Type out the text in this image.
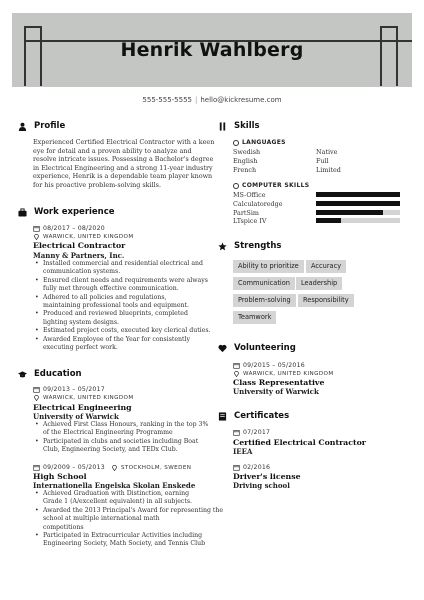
Henrik Wahlberg
555-555-5555 | hello@kickresume.com
Profile
Experienced Certified Electrical Contractor with a keen
eye for detail and a proven ability to analyze and
resolve intricate issues. Possessing a Bachelor's degree
in Electrical Engineering and a strong 11-year industry
experience, Henrik is a dependable team player known
for his proactive problem-solving skills.
Work experience
08/2017 – 08/2020
WARWICK, UNITED KINGDOM
Electrical Contractor
Manny & Partners, Inc.
• Installed commercial and residential electrical and
communication systems.
• Ensured client needs and requirements were always
fully met through effective communication.
• Adhered to all policies and regulations,
maintaining professional tools and equipment.
• Produced and reviewed blueprints, completed
lighting system designs.
• Estimated project costs, executed key clerical duties.
• Awarded Employee of the Year for consistently
executing perfect work.
Education
09/2013 – 05/2017
WARWICK, UNITED KINGDOM
Electrical Engineering
University of Warwick
• Achieved First Class Honours, ranking in the top 3%
of the Electrical Engineering Programme
• Participated in clubs and societies including Boat
Club, Engineering Society, and TEDx Club.
09/2009 – 05/2013	STOCKHOLM, SWEDEN
High School
Internationella Engelska Skolan Enskede
• Achieved Graduation with Distinction, earning
Grade 1 (A/excellent equivalent) in all subjects.
• Awarded the 2013 Principal's Award for representing the
school at multiple international math
competitions
• Participated in Extracurricular Activities including
Engineering Society, Math Society, and Tennis Club
Skills
LANGUAGES
Swedish	Native
English	Full
French	Limited
COMPUTER SKILLS
MS-Office
Calculatoredge
PartSim
LTspice IV
Strengths
Ability to prioritize	Accuracy
Communication	Leadership
Problem-solving	Responsibility
Teamwork
Volunteering
09/2015 – 05/2016
WARWICK, UNITED KINGDOM
Class Representative
University of Warwick
Certificates
07/2017
Certified Electrical Contractor
IEEA
02/2016
Driver's license
Driving school
